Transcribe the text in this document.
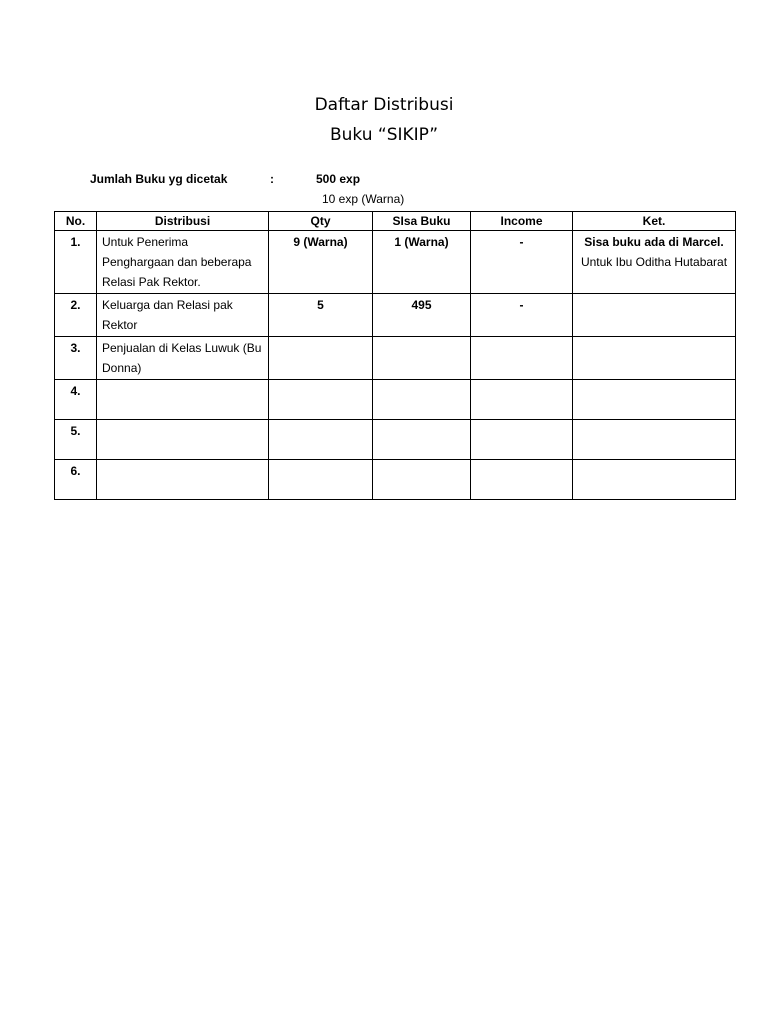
Daftar Distribusi
Buku “SIKIP”
Jumlah Buku yg dicetak	:	500 exp
10 exp (Warna)
No.	Distribusi	Qty	SIsa Buku	Income	Ket.
1.	Untuk Penerima Penghargaan dan beberapa Relasi Pak Rektor.	9 (Warna)	1 (Warna)	-	Sisa buku ada di Marcel.
Untuk Ibu Oditha Hutabarat

2.	Keluarga dan Relasi pak Rektor	5	495	-	

3.	Penjualan di Kelas Luwuk (Bu Donna)				

4.					

5.					

6.					
